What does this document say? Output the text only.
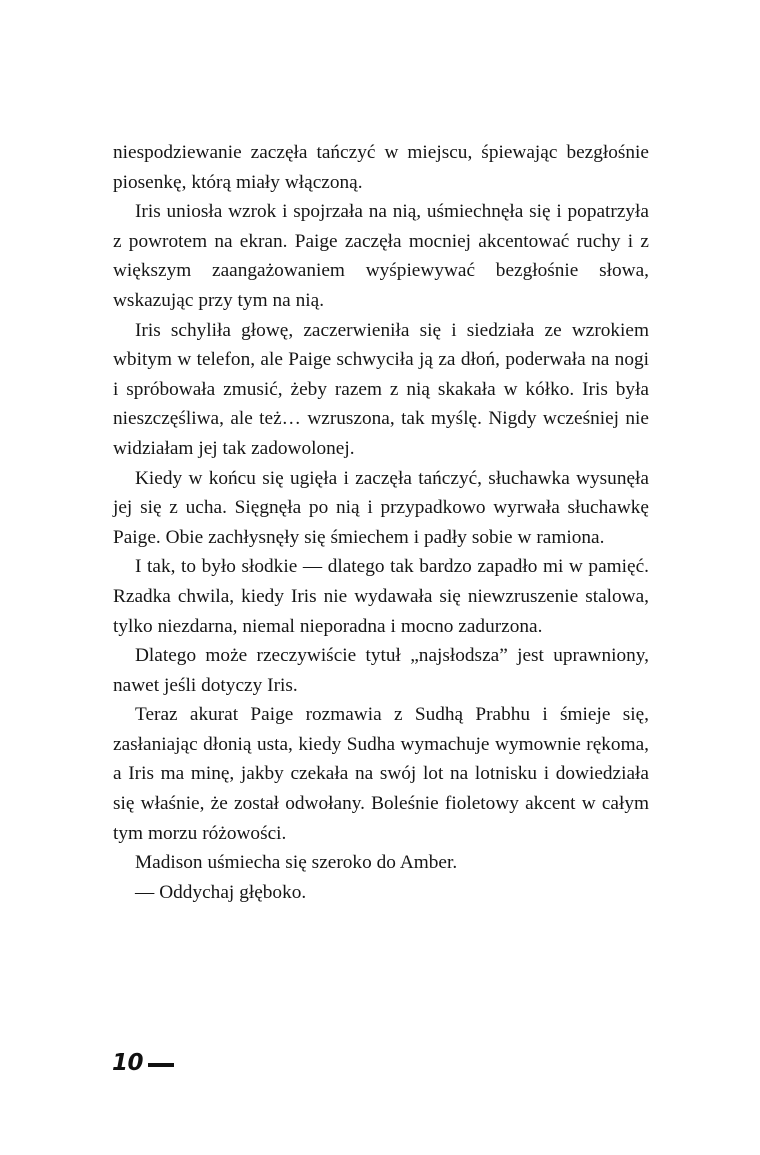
niespodziewanie zaczęła tańczyć w miejscu, śpiewając bezgłośnie piosenkę, którą miały włączoną.

Iris uniosła wzrok i spojrzała na nią, uśmiechnęła się i popatrzyła z powrotem na ekran. Paige zaczęła mocniej akcentować ruchy i z większym zaangażowaniem wyśpiewywać bezgłośnie słowa, wskazując przy tym na nią.

Iris schyliła głowę, zaczerwieniła się i siedziała ze wzrokiem wbitym w telefon, ale Paige schwyciła ją za dłoń, poderwała na nogi i spróbowała zmusić, żeby razem z nią skakała w kółko. Iris była nieszczęśliwa, ale też… wzruszona, tak myślę. Nigdy wcześniej nie widziałam jej tak zadowolonej.

Kiedy w końcu się ugięła i zaczęła tańczyć, słuchawka wysunęła jej się z ucha. Sięgnęła po nią i przypadkowo wyrwała słuchawkę Paige. Obie zachłysnęły się śmiechem i padły sobie w ramiona.

I tak, to było słodkie — dlatego tak bardzo zapadło mi w pamięć. Rzadka chwila, kiedy Iris nie wydawała się niewzruszenie stalowa, tylko niezdarna, niemal nieporadna i mocno zadurzona.

Dlatego może rzeczywiście tytuł „najsłodsza” jest uprawniony, nawet jeśli dotyczy Iris.

Teraz akurat Paige rozmawia z Sudhą Prabhu i śmieje się, zasłaniając dłonią usta, kiedy Sudha wymachuje wymownie rękoma, a Iris ma minę, jakby czekała na swój lot na lotnisku i dowiedziała się właśnie, że został odwołany. Boleśnie fioletowy akcent w całym tym morzu różowości.

Madison uśmiecha się szeroko do Amber.

— Oddychaj głęboko.

10
